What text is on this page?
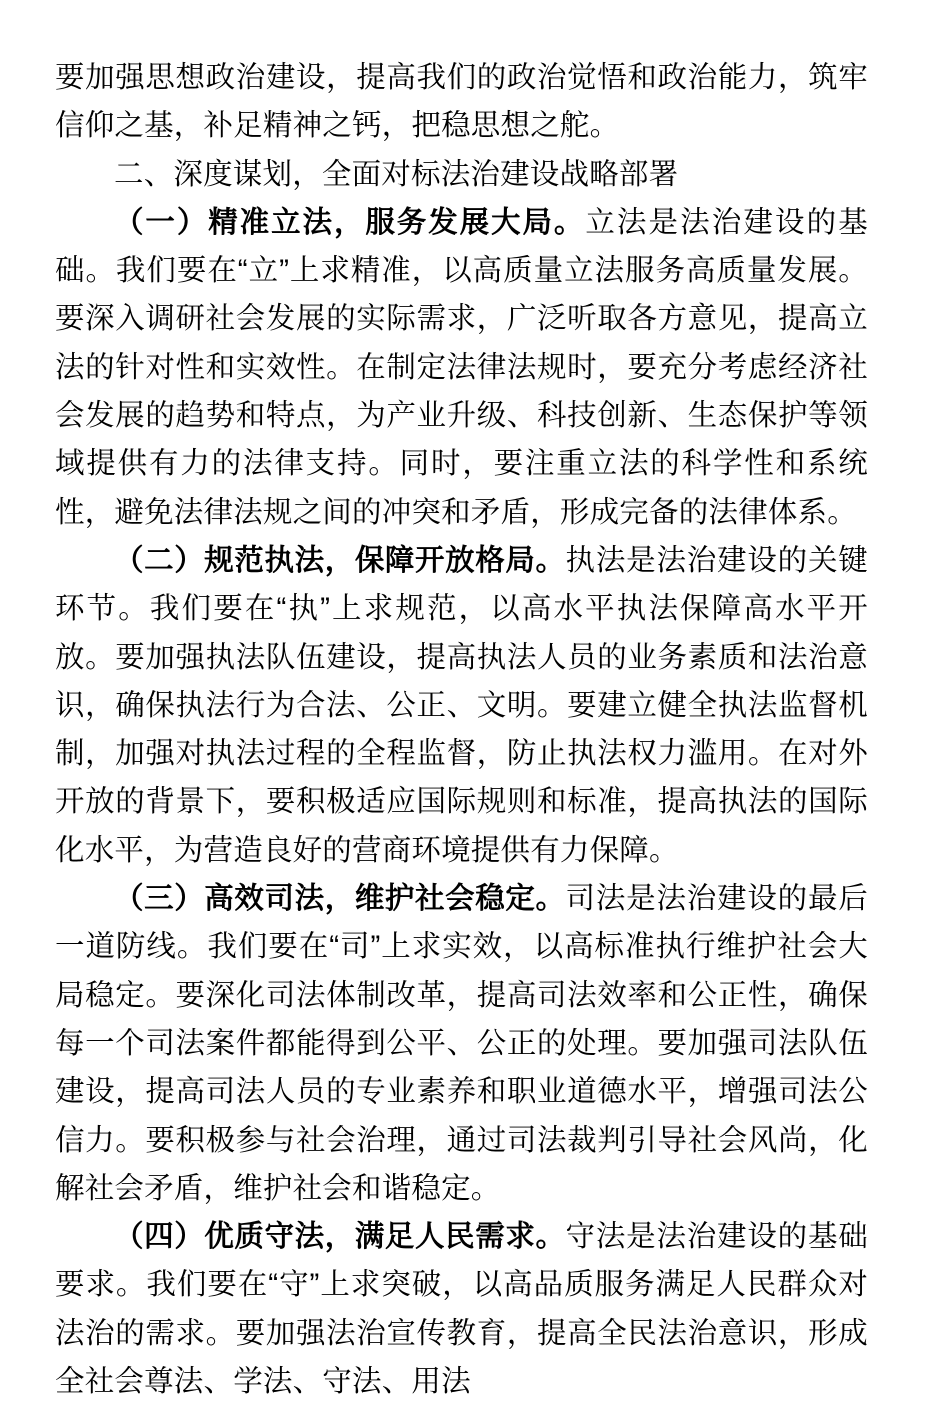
要加强思想政治建设，提高我们的政治觉悟和政治能力，筑牢信仰之基，补足精神之钙，把稳思想之舵。

二、深度谋划，全面对标法治建设战略部署

（一）精准立法，服务发展大局。立法是法治建设的基础。我们要在“立”上求精准，以高质量立法服务高质量发展。要深入调研社会发展的实际需求，广泛听取各方意见，提高立法的针对性和实效性。在制定法律法规时，要充分考虑经济社会发展的趋势和特点，为产业升级、科技创新、生态保护等领域提供有力的法律支持。同时，要注重立法的科学性和系统性，避免法律法规之间的冲突和矛盾，形成完备的法律体系。

（二）规范执法，保障开放格局。执法是法治建设的关键环节。我们要在“执”上求规范，以高水平执法保障高水平开放。要加强执法队伍建设，提高执法人员的业务素质和法治意识，确保执法行为合法、公正、文明。要建立健全执法监督机制，加强对执法过程的全程监督，防止执法权力滥用。在对外开放的背景下，要积极适应国际规则和标准，提高执法的国际化水平，为营造良好的营商环境提供有力保障。

（三）高效司法，维护社会稳定。司法是法治建设的最后一道防线。我们要在“司”上求实效，以高标准执行维护社会大局稳定。要深化司法体制改革，提高司法效率和公正性，确保每一个司法案件都能得到公平、公正的处理。要加强司法队伍建设，提高司法人员的专业素养和职业道德水平，增强司法公信力。要积极参与社会治理，通过司法裁判引导社会风尚，化解社会矛盾，维护社会和谐稳定。

（四）优质守法，满足人民需求。守法是法治建设的基础要求。我们要在“守”上求突破，以高品质服务满足人民群众对法治的需求。要加强法治宣传教育，提高全民法治意识，形成全社会尊法、学法、守法、用法
